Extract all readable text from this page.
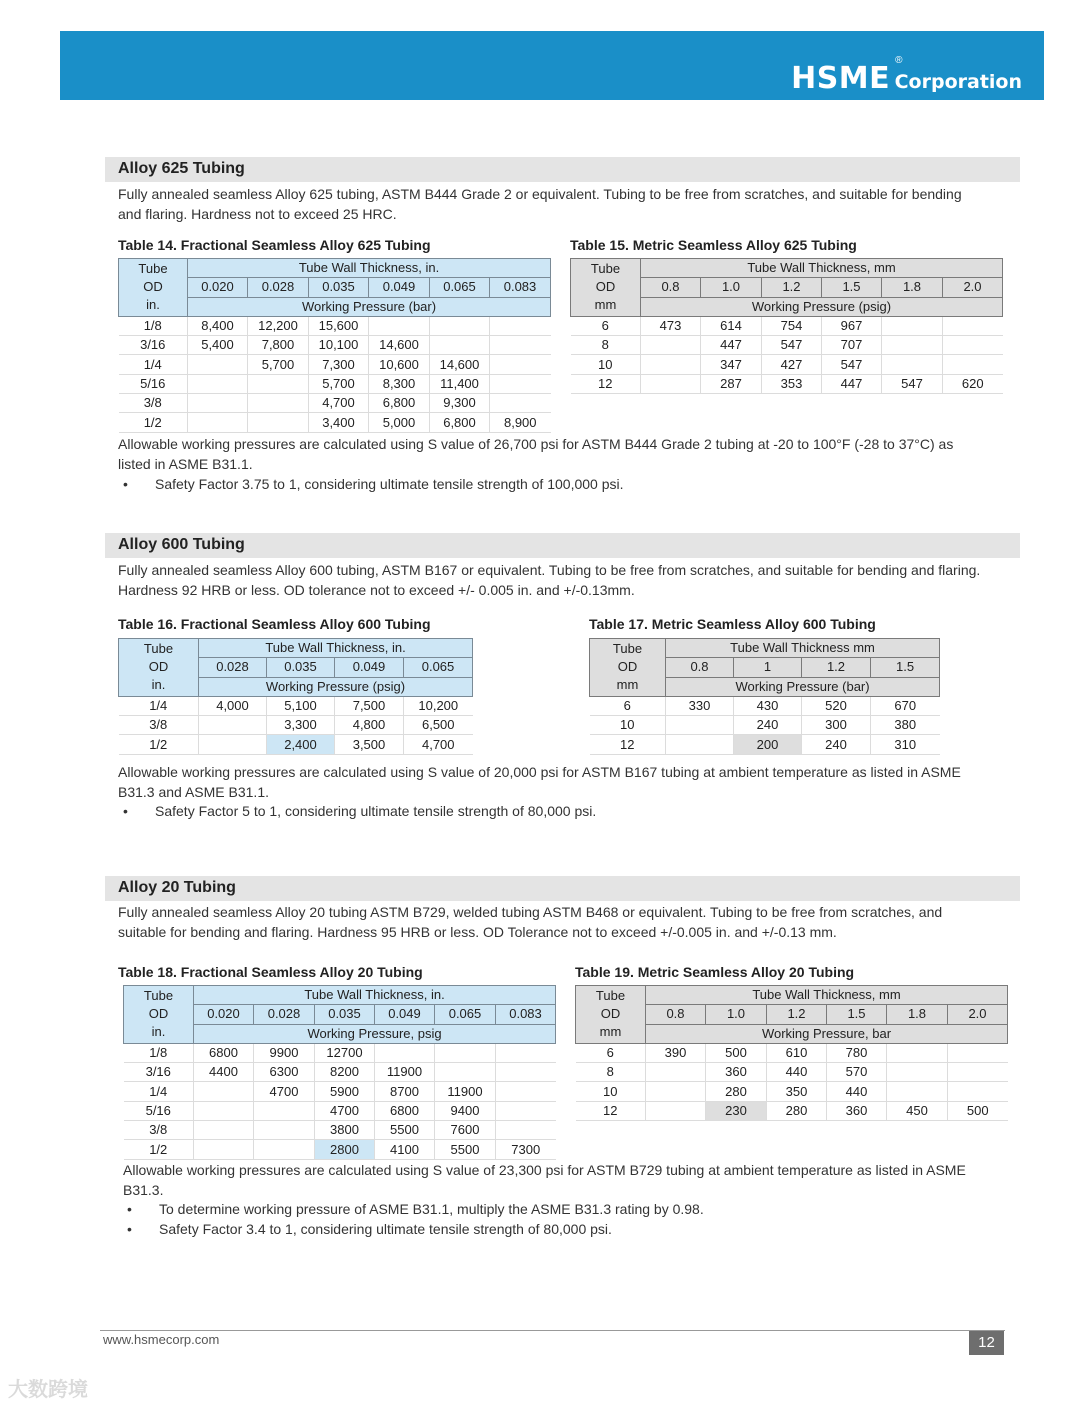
HSME
®
Corporation
Alloy 625 Tubing
Fully annealed seamless Alloy 625 tubing, ASTM B444 Grade 2 or equivalent. Tubing to be free from scratches, and suitable for bending and flaring. Hardness not to exceed 25 HRC.
Table 14. Fractional Seamless Alloy 625 Tubing
Tube
OD
in.	Tube Wall Thickness, in.					
	0.020	0.028	0.035	0.049	0.065	0.083
	Working Pressure (bar)					
1/8	8,400	12,200	15,600			
3/16	5,400	7,800	10,100	14,600		
1/4		5,700	7,300	10,600	14,600	
5/16			5,700	8,300	11,400	
3/8			4,700	6,800	9,300	
1/2			3,400	5,000	6,800	8,900
Table 15. Metric Seamless Alloy 625 Tubing
Tube
OD
mm	Tube Wall Thickness, mm					
	0.8	1.0	1.2	1.5	1.8	2.0
	Working Pressure (psig)					
6	473	614	754	967		
8		447	547	707		
10		347	427	547		
12		287	353	447	547	620
Allowable working pressures are calculated using S value of 26,700 psi for ASTM B444 Grade 2 tubing at -20 to 100°F (-28 to 37°C) as listed in ASME B31.1.
• Safety Factor 3.75 to 1, considering ultimate tensile strength of 100,000 psi.
Alloy 600 Tubing
Fully annealed seamless Alloy 600 tubing, ASTM B167 or equivalent. Tubing to be free from scratches, and suitable for bending and flaring. Hardness 92 HRB or less. OD tolerance not to exceed +/- 0.005 in. and +/-0.13mm.
Table 16. Fractional Seamless Alloy 600 Tubing
Tube
OD
in.	Tube Wall Thickness, in.			
	0.028	0.035	0.049	0.065
	Working Pressure (psig)			
1/4	4,000	5,100	7,500	10,200
3/8		3,300	4,800	6,500
1/2		2,400	3,500	4,700
Table 17. Metric Seamless Alloy 600 Tubing
Tube
OD
mm	Tube Wall Thickness mm			
	0.8	1	1.2	1.5
	Working Pressure (bar)			
6	330	430	520	670
10		240	300	380
12		200	240	310
Allowable working pressures are calculated using S value of 20,000 psi for ASTM B167 tubing at ambient temperature as listed in ASME B31.3 and ASME B31.1.
• Safety Factor 5 to 1, considering ultimate tensile strength of 80,000 psi.
Alloy 20 Tubing
Fully annealed seamless Alloy 20 tubing ASTM B729, welded tubing ASTM B468 or equivalent. Tubing to be free from scratches, and suitable for bending and flaring. Hardness 95 HRB or less. OD Tolerance not to exceed +/-0.005 in. and +/-0.13 mm.
Table 18. Fractional Seamless Alloy 20 Tubing
Tube
OD
in.	Tube Wall Thickness, in.					
	0.020	0.028	0.035	0.049	0.065	0.083
	Working Pressure, psig					
1/8	6800	9900	12700			
3/16	4400	6300	8200	11900		
1/4		4700	5900	8700	11900	
5/16			4700	6800	9400	
3/8			3800	5500	7600	
1/2			2800	4100	5500	7300
Table 19. Metric Seamless Alloy 20 Tubing
Tube
OD
mm	Tube Wall Thickness, mm					
	0.8	1.0	1.2	1.5	1.8	2.0
	Working Pressure, bar					
6	390	500	610	780		
8		360	440	570		
10		280	350	440		
12		230	280	360	450	500
Allowable working pressures are calculated using S value of 23,300 psi for ASTM B729 tubing at ambient temperature as listed in ASME B31.3.
• To determine working pressure of ASME B31.1, multiply the ASME B31.3 rating by 0.98.
• Safety Factor 3.4 to 1, considering ultimate tensile strength of 80,000 psi.
www.hsmecorp.com	12
大数跨境
